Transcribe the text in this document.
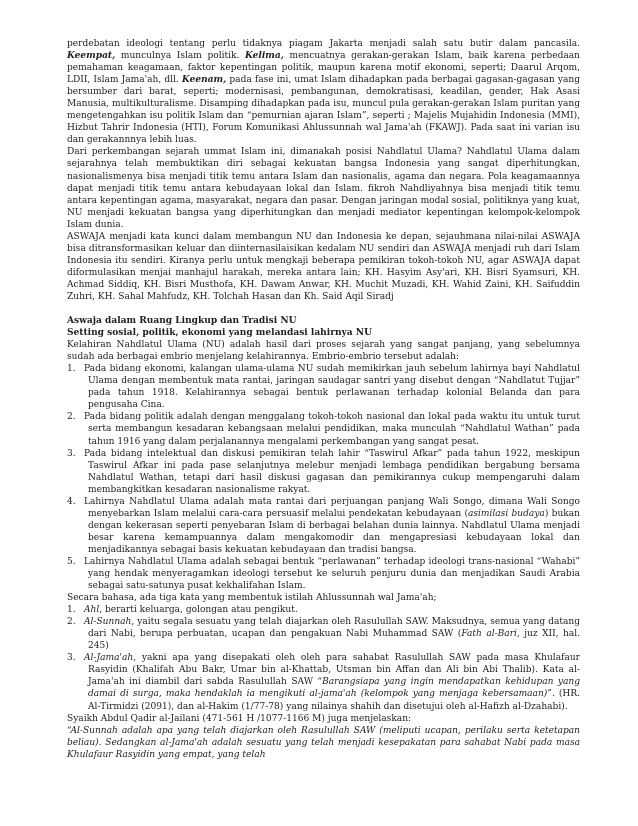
perdebatan ideologi tentang perlu tidaknya piagam Jakarta menjadi salah satu butir dalam pancasila. Keempat, munculnya Islam politik. Kelima, mencuatnya gerakan-gerakan Islam, baik karena perbedaan pemahaman keagamaan, faktor kepentingan politik, maupun karena motif ekonomi, seperti; Daarul Arqom, LDII, Islam Jama'ah, dll. Keenam, pada fase ini, umat Islam dihadapkan pada berbagai gagasan-gagasan yang bersumber dari barat, seperti; modernisasi, pembangunan, demokratisasi, keadilan, gender, Hak Asasi Manusia, multikulturalisme. Disamping dihadapkan pada isu, muncul pula gerakan-gerakan Islam puritan yang mengetengahkan isu politik Islam dan “pemurnian ajaran Islam”, seperti ; Majelis Mujahidin Indonesia (MMI), Hizbut Tahrir Indonesia (HTI), Forum Komunikasi Ahlussunnah wal Jama'ah (FKAWJ). Pada saat ini varian isu dan gerakannnya lebih luas.

Dari perkembangan sejarah ummat Islam ini, dimanakah posisi Nahdlatul Ulama? Nahdlatul Ulama dalam sejarahnya telah membuktikan diri sebagai kekuatan bangsa Indonesia yang sangat diperhitungkan, nasionalismenya bisa menjadi titik temu antara Islam dan nasionalis, agama dan negara. Pola keagamaannya dapat menjadi titik temu antara kebudayaan lokal dan Islam. fikroh Nahdliyahnya bisa menjadi titik temu antara kepentingan agama, masyarakat, negara dan pasar. Dengan jaringan modal sosial, politiknya yang kuat, NU menjadi kekuatan bangsa yang diperhitungkan dan menjadi mediator kepentingan kelompok-kelompok Islam dunia.

ASWAJA menjadi kata kunci dalam membangun NU dan Indonesia ke depan, sejauhmana nilai-nilai ASWAJA bisa ditransformasikan keluar dan diinternasilaisikan kedalam NU sendiri dan ASWAJA menjadi ruh dari Islam Indonesia itu sendiri. Kiranya perlu untuk mengkaji beberapa pemikiran tokoh-tokoh NU, agar ASWAJA dapat diformulasikan menjai manhajul harakah, mereka antara lain; KH. Hasyim Asy'ari, KH. Bisri Syamsuri, KH. Achmad Siddiq, KH. Bisri Musthofa, KH. Dawam Anwar, KH. Muchit Muzadi, KH. Wahid Zaini, KH. Saifuddin Zuhri, KH. Sahal Mahfudz, KH. Tolchah Hasan dan Kh. Said Aqil Siradj

Aswaja dalam Ruang Lingkup dan Tradisi NU

Setting sosial, politik, ekonomi yang melandasi lahirnya NU

Kelahiran Nahdlatul Ulama (NU) adalah hasil dari proses sejarah yang sangat panjang, yang sebelumnya sudah ada berbagai embrio menjelang kelahirannya. Embrio-embrio tersebut adalah:

1. Pada bidang ekonomi, kalangan ulama-ulama NU sudah memikirkan jauh sebelum lahirnya bayi Nahdlatul Ulama dengan membentuk mata rantai, jaringan saudagar santri yang disebut dengan “Nahdlatut Tujjar” pada tahun 1918. Kelahirannya sebagai bentuk perlawanan terhadap kolonial Belanda dan para pengusaha Cina.

2. Pada bidang politik adalah dengan menggalang tokoh-tokoh nasional dan lokal pada waktu itu untuk turut serta membangun kesadaran kebangsaan melalui pendidikan, maka munculah “Nahdlatul Wathan” pada tahun 1916 yang dalam perjalanannya mengalami perkembangan yang sangat pesat.

3. Pada bidang intelektual dan diskusi pemikiran telah lahir “Taswirul Afkar” pada tahun 1922, meskipun Taswirul Afkar ini pada pase selanjutnya melebur menjadi lembaga pendidikan bergabung bersama Nahdlatul Wathan, tetapi dari hasil diskusi gagasan dan pemikirannya cukup mempengaruhi dalam membangkitkan kesadaran nasionalisme rakyat.

4. Lahirnya Nahdlatul Ulama adalah mata rantai dari perjuangan panjang Wali Songo, dimana Wali Songo menyebarkan Islam melalui cara-cara persuasif melalui pendekatan kebudayaan (asimilasi budaya) bukan dengan kekerasan seperti penyebaran Islam di berbagai belahan dunia lainnya. Nahdlatul Ulama menjadi besar karena kemampuannya dalam mengakomodir dan mengapresiasi kebudayaan lokal dan menjadikannya sebagai basis kekuatan kebudayaan dan tradisi bangsa.

5. Lahirnya Nahdlatul Ulama adalah sebagai bentuk “perlawanan” terhadap ideologi trans-nasional “Wahabi” yang hendak menyeragamkan ideologi tersebut ke seluruh penjuru dunia dan menjadikan Saudi Arabia sebagai satu-satunya pusat kekhalifahan Islam.

Secara bahasa, ada tiga kata yang membentuk istilah Ahlussunnah wal Jama'ah;

1. Ahl, berarti keluarga, golongan atau pengikut.

2. Al-Sunnah, yaitu segala sesuatu yang telah diajarkan oleh Rasulullah SAW. Maksudnya, semua yang datang dari Nabi, berupa perbuatan, ucapan dan pengakuan Nabi Muhammad SAW (Fath al-Bari, juz XII, hal. 245)

3. Al-Jama'ah, yakni apa yang disepakati oleh oleh para sahabat Rasulullah SAW pada masa Khulafaur Rasyidin (Khalifah Abu Bakr, Umar bin al-Khattab, Utsman bin Affan dan Ali bin Abi Thalib). Kata al-Jama'ah ini diambil dari sabda Rasulullah SAW “Barangsiapa yang ingin mendapatkan kehidupan yang damai di surga, maka hendaklah ia mengikuti al-jama'ah (kelompok yang menjaga kebersamaan)”. (HR. Al-Tirmidzi (2091), dan al-Hakim (1/77-78) yang nilainya shahih dan disetujui oleh al-Hafizh al-Dzahabi).

Syaikh Abdul Qadir al-Jailani (471-561 H /1077-1166 M) juga menjelaskan:

“Al-Sunnah adalah apa yang telah diajarkan oleh Rasulullah SAW (meliputi ucapan, perilaku serta ketetapan beliau). Sedangkan al-Jama'ah adalah sesuatu yang telah menjadi kesepakatan para sahabat Nabi pada masa Khulafaur Rasyidin yang empat, yang telah
